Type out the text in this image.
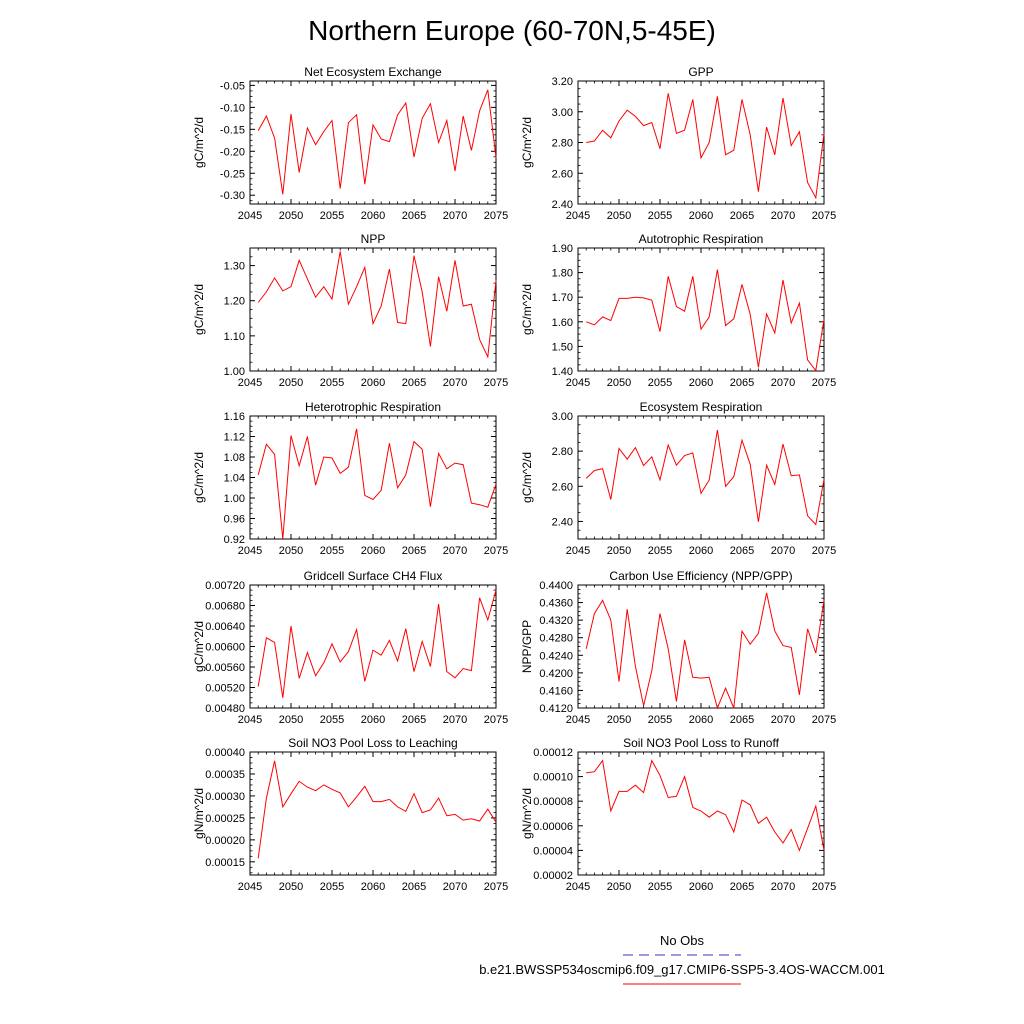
Northern Europe (60-70N,5-45E)
Net Ecosystem Exchange
2045 2050 2055 2060 2065 2070 2075
-0.30
-0.25
-0.20
-0.15
-0.10
-0.05
gC/m^2/d
GPP
2045 2050 2055 2060 2065 2070 2075
2.40
2.60
2.80
3.00
3.20
gC/m^2/d
NPP
2045 2050 2055 2060 2065 2070 2075
1.00
1.10
1.20
1.30
gC/m^2/d
Autotrophic Respiration
2045 2050 2055 2060 2065 2070 2075
1.40
1.50
1.60
1.70
1.80
1.90
gC/m^2/d
Heterotrophic Respiration
2045 2050 2055 2060 2065 2070 2075
0.92
0.96
1.00
1.04
1.08
1.12
1.16
gC/m^2/d
Ecosystem Respiration
2045 2050 2055 2060 2065 2070 2075
2.40
2.60
2.80
3.00
gC/m^2/d
Gridcell Surface CH4 Flux
2045 2050 2055 2060 2065 2070 2075
0.00480
0.00520
0.00560
0.00600
0.00640
0.00680
0.00720
gC/m^2/d
Carbon Use Efficiency (NPP/GPP)
2045 2050 2055 2060 2065 2070 2075
0.4120
0.4160
0.4200
0.4240
0.4280
0.4320
0.4360
0.4400
NPP/GPP
Soil NO3 Pool Loss to Leaching
2045 2050 2055 2060 2065 2070 2075
0.00015
0.00020
0.00025
0.00030
0.00035
0.00040
gN/m^2/d
Soil NO3 Pool Loss to Runoff
2045 2050 2055 2060 2065 2070 2075
0.00002
0.00004
0.00006
0.00008
0.00010
0.00012
gN/m^2/d
No Obs
b.e21.BWSSP534oscmip6.f09_g17.CMIP6-SSP5-3.4OS-WACCM.001
